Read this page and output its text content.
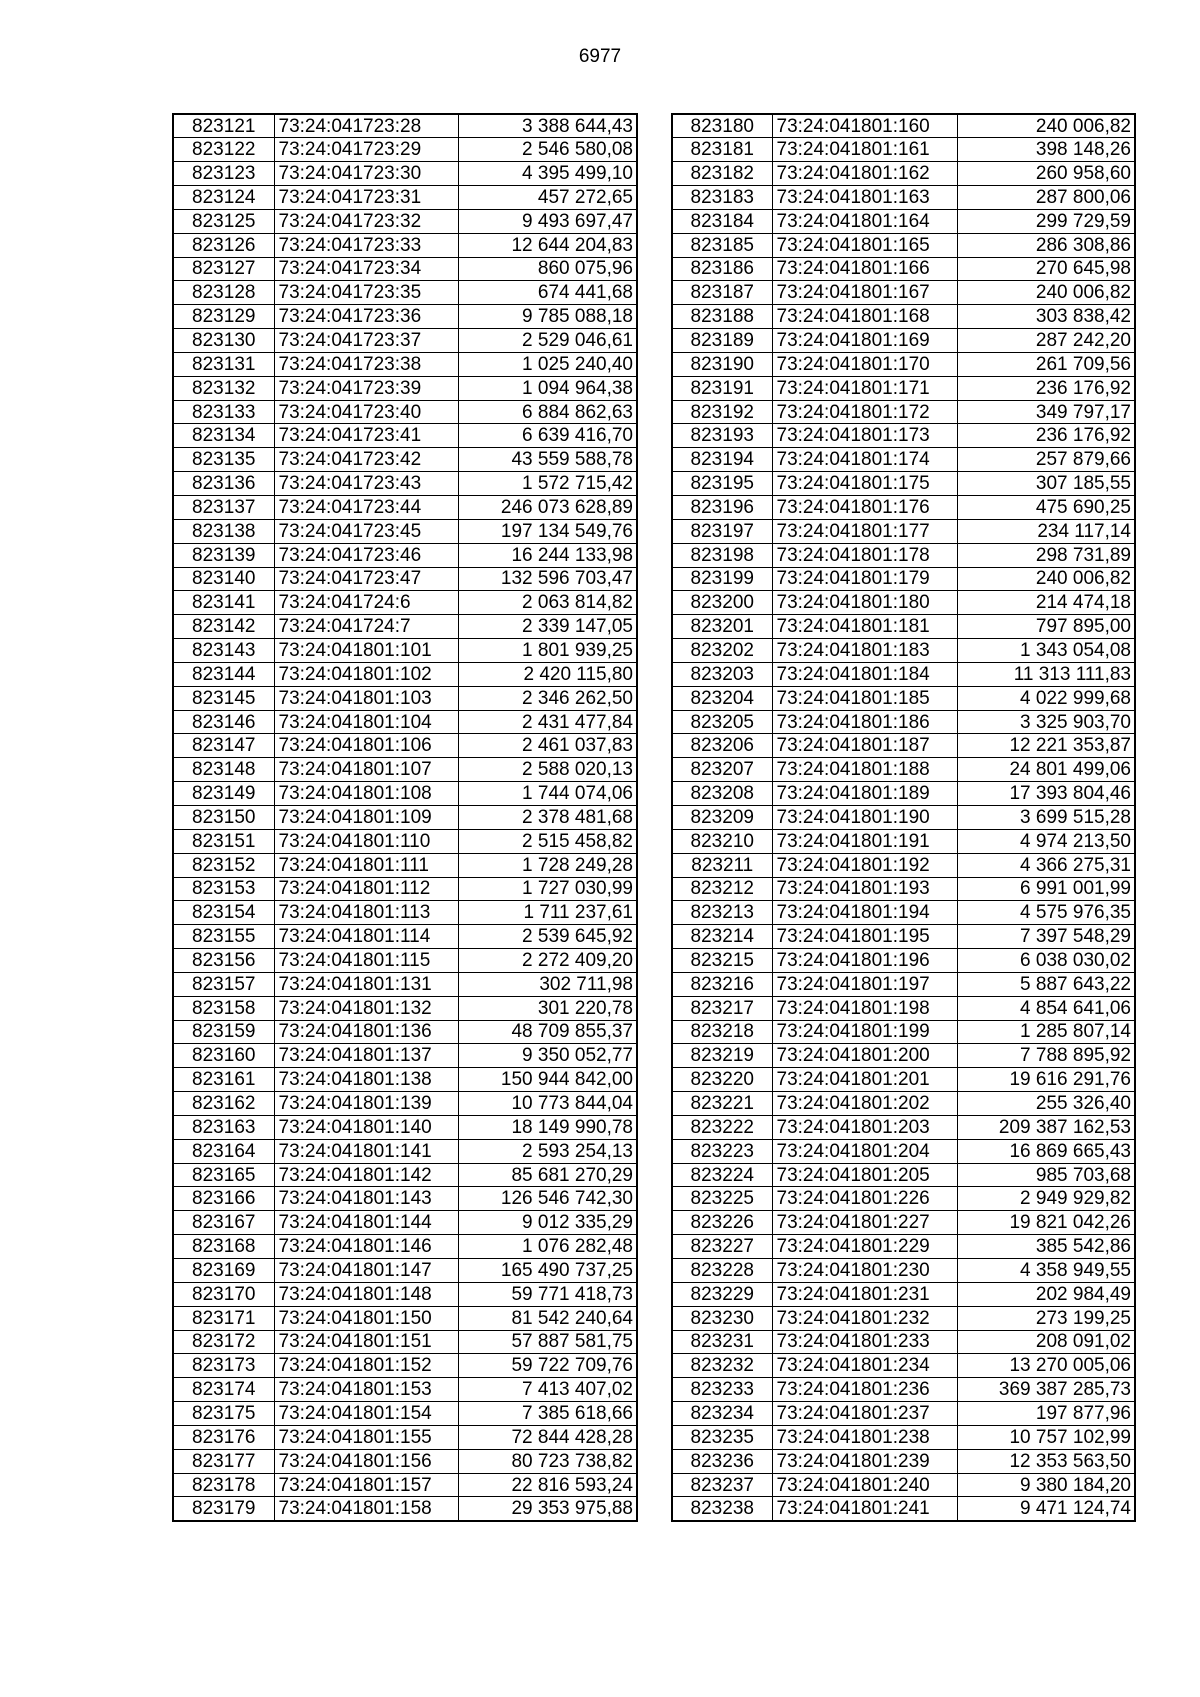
6977
823121	73:24:041723:28	3 388 644,43
823122	73:24:041723:29	2 546 580,08
823123	73:24:041723:30	4 395 499,10
823124	73:24:041723:31	457 272,65
823125	73:24:041723:32	9 493 697,47
823126	73:24:041723:33	12 644 204,83
823127	73:24:041723:34	860 075,96
823128	73:24:041723:35	674 441,68
823129	73:24:041723:36	9 785 088,18
823130	73:24:041723:37	2 529 046,61
823131	73:24:041723:38	1 025 240,40
823132	73:24:041723:39	1 094 964,38
823133	73:24:041723:40	6 884 862,63
823134	73:24:041723:41	6 639 416,70
823135	73:24:041723:42	43 559 588,78
823136	73:24:041723:43	1 572 715,42
823137	73:24:041723:44	246 073 628,89
823138	73:24:041723:45	197 134 549,76
823139	73:24:041723:46	16 244 133,98
823140	73:24:041723:47	132 596 703,47
823141	73:24:041724:6	2 063 814,82
823142	73:24:041724:7	2 339 147,05
823143	73:24:041801:101	1 801 939,25
823144	73:24:041801:102	2 420 115,80
823145	73:24:041801:103	2 346 262,50
823146	73:24:041801:104	2 431 477,84
823147	73:24:041801:106	2 461 037,83
823148	73:24:041801:107	2 588 020,13
823149	73:24:041801:108	1 744 074,06
823150	73:24:041801:109	2 378 481,68
823151	73:24:041801:110	2 515 458,82
823152	73:24:041801:111	1 728 249,28
823153	73:24:041801:112	1 727 030,99
823154	73:24:041801:113	1 711 237,61
823155	73:24:041801:114	2 539 645,92
823156	73:24:041801:115	2 272 409,20
823157	73:24:041801:131	302 711,98
823158	73:24:041801:132	301 220,78
823159	73:24:041801:136	48 709 855,37
823160	73:24:041801:137	9 350 052,77
823161	73:24:041801:138	150 944 842,00
823162	73:24:041801:139	10 773 844,04
823163	73:24:041801:140	18 149 990,78
823164	73:24:041801:141	2 593 254,13
823165	73:24:041801:142	85 681 270,29
823166	73:24:041801:143	126 546 742,30
823167	73:24:041801:144	9 012 335,29
823168	73:24:041801:146	1 076 282,48
823169	73:24:041801:147	165 490 737,25
823170	73:24:041801:148	59 771 418,73
823171	73:24:041801:150	81 542 240,64
823172	73:24:041801:151	57 887 581,75
823173	73:24:041801:152	59 722 709,76
823174	73:24:041801:153	7 413 407,02
823175	73:24:041801:154	7 385 618,66
823176	73:24:041801:155	72 844 428,28
823177	73:24:041801:156	80 723 738,82
823178	73:24:041801:157	22 816 593,24
823179	73:24:041801:158	29 353 975,88
823180	73:24:041801:160	240 006,82
823181	73:24:041801:161	398 148,26
823182	73:24:041801:162	260 958,60
823183	73:24:041801:163	287 800,06
823184	73:24:041801:164	299 729,59
823185	73:24:041801:165	286 308,86
823186	73:24:041801:166	270 645,98
823187	73:24:041801:167	240 006,82
823188	73:24:041801:168	303 838,42
823189	73:24:041801:169	287 242,20
823190	73:24:041801:170	261 709,56
823191	73:24:041801:171	236 176,92
823192	73:24:041801:172	349 797,17
823193	73:24:041801:173	236 176,92
823194	73:24:041801:174	257 879,66
823195	73:24:041801:175	307 185,55
823196	73:24:041801:176	475 690,25
823197	73:24:041801:177	234 117,14
823198	73:24:041801:178	298 731,89
823199	73:24:041801:179	240 006,82
823200	73:24:041801:180	214 474,18
823201	73:24:041801:181	797 895,00
823202	73:24:041801:183	1 343 054,08
823203	73:24:041801:184	11 313 111,83
823204	73:24:041801:185	4 022 999,68
823205	73:24:041801:186	3 325 903,70
823206	73:24:041801:187	12 221 353,87
823207	73:24:041801:188	24 801 499,06
823208	73:24:041801:189	17 393 804,46
823209	73:24:041801:190	3 699 515,28
823210	73:24:041801:191	4 974 213,50
823211	73:24:041801:192	4 366 275,31
823212	73:24:041801:193	6 991 001,99
823213	73:24:041801:194	4 575 976,35
823214	73:24:041801:195	7 397 548,29
823215	73:24:041801:196	6 038 030,02
823216	73:24:041801:197	5 887 643,22
823217	73:24:041801:198	4 854 641,06
823218	73:24:041801:199	1 285 807,14
823219	73:24:041801:200	7 788 895,92
823220	73:24:041801:201	19 616 291,76
823221	73:24:041801:202	255 326,40
823222	73:24:041801:203	209 387 162,53
823223	73:24:041801:204	16 869 665,43
823224	73:24:041801:205	985 703,68
823225	73:24:041801:226	2 949 929,82
823226	73:24:041801:227	19 821 042,26
823227	73:24:041801:229	385 542,86
823228	73:24:041801:230	4 358 949,55
823229	73:24:041801:231	202 984,49
823230	73:24:041801:232	273 199,25
823231	73:24:041801:233	208 091,02
823232	73:24:041801:234	13 270 005,06
823233	73:24:041801:236	369 387 285,73
823234	73:24:041801:237	197 877,96
823235	73:24:041801:238	10 757 102,99
823236	73:24:041801:239	12 353 563,50
823237	73:24:041801:240	9 380 184,20
823238	73:24:041801:241	9 471 124,74
